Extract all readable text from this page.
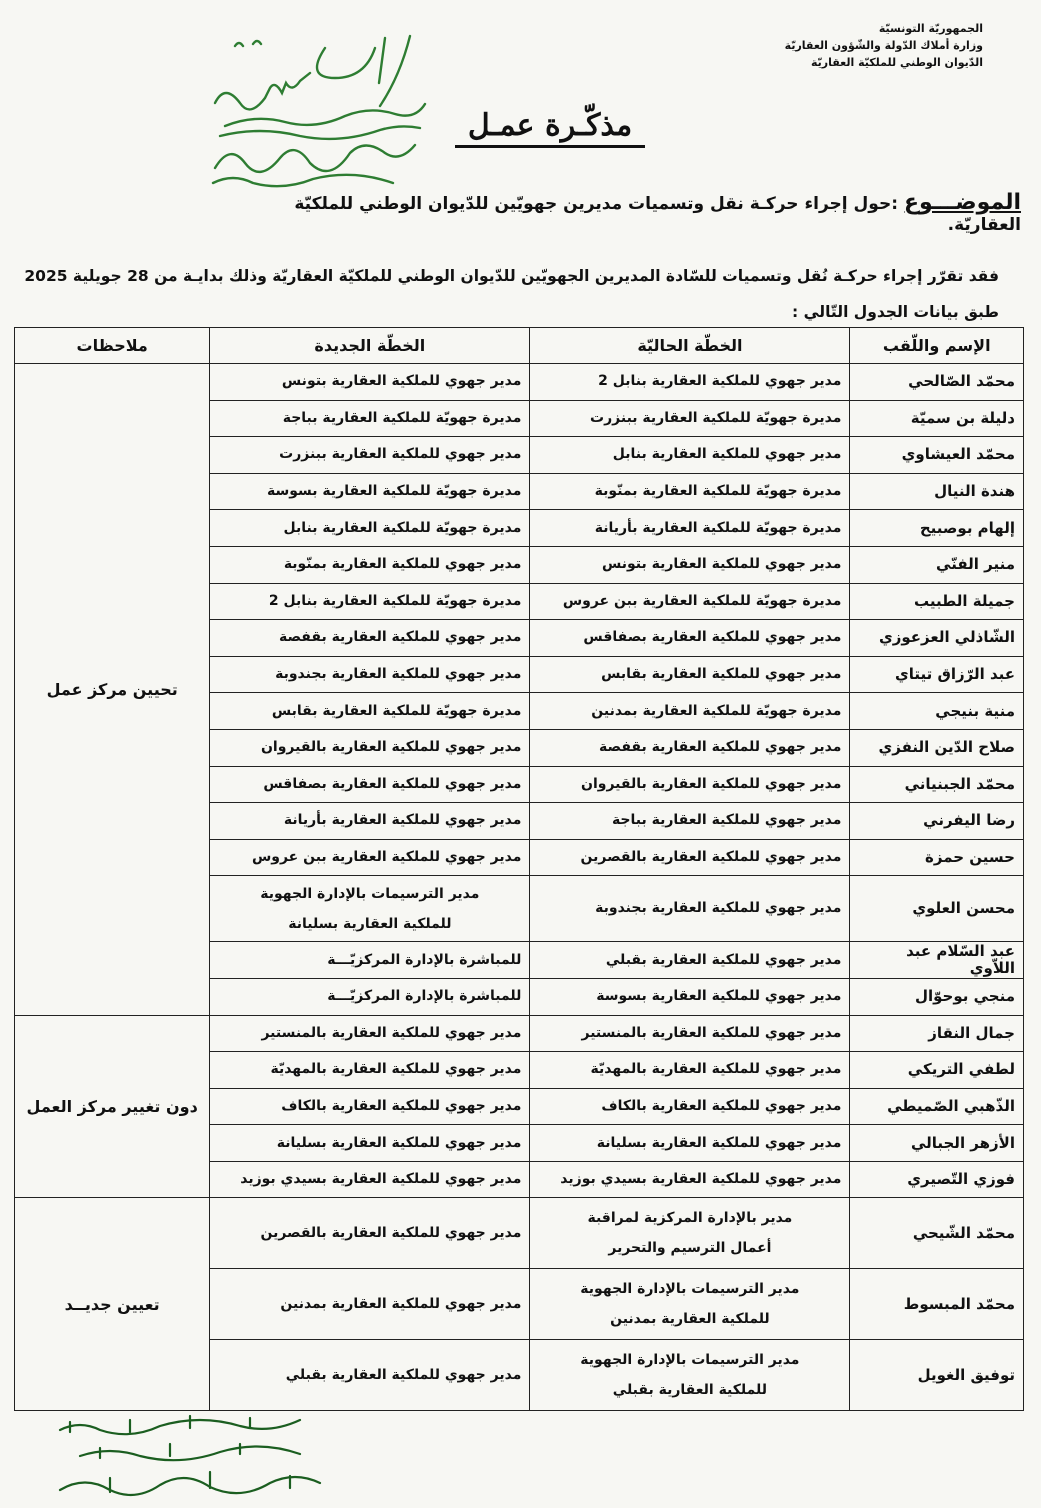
الجمهوريّة التونسيّة
وزارة أملاك الدّولة والشّؤون العقاريّة
الدّيوان الوطني للملكيّة العقاريّة
مذكّـرة عمـل
الموضـــوع:حول إجراء حركـة نقل وتسميات مديرين جهويّين للدّيوان الوطني للملكيّة العقاريّة.
فقد تقرّر إجراء حركـة نُقل وتسميات للسّادة المديرين الجهويّين للدّيوان الوطني للملكيّة العقاريّة وذلك بدايـة من 28 جويلية 2025 طبق بيانات الجدول التّالي :
الإسم واللّقب	الخطّة الحاليّة	الخطّة الجديدة	ملاحظات
محمّد الصّالحي	مدير جهوي للملكية العقارية بنابل 2	مدير جهوي للملكية العقارية بتونس	تحيين مركز عمل
دليلة بن سميّة	مديرة جهويّة للملكية العقارية ببنزرت	مديرة جهويّة للملكية العقارية بباجة	
محمّد العيشاوي	مدير جهوي للملكية العقارية بنابل	مدير جهوي للملكية العقارية ببنزرت	
هندة النيال	مديرة جهويّة للملكية العقارية بمنّوبة	مديرة جهويّة للملكية العقارية بسوسة	
إلهام بوصبيح	مديرة جهويّة للملكية العقارية بأريانة	مديرة جهويّة للملكية العقارية بنابل	
منير الفنّي	مدير جهوي للملكية العقارية بتونس	مدير جهوي للملكية العقارية بمنّوبة	
جميلة الطبيب	مديرة جهويّة للملكية العقارية ببن عروس	مديرة جهويّة للملكية العقارية بنابل 2	
الشّاذلي العزعوزي	مدير جهوي للملكية العقارية بصفاقس	مدير جهوي للملكية العقارية بقفصة	
عبد الرّزاق تيتاي	مدير جهوي للملكية العقارية بقابس	مدير جهوي للملكية العقارية بجندوبة	
منية بنيجي	مديرة جهويّة للملكية العقارية بمدنين	مديرة جهويّة للملكية العقارية بقابس	
صلاح الدّين النفزي	مدير جهوي للملكية العقارية بقفصة	مدير جهوي للملكية العقارية بالقيروان	
محمّد الجبنياني	مدير جهوي للملكية العقارية بالقيروان	مدير جهوي للملكية العقارية بصفاقس	
رضا اليفرني	مدير جهوي للملكية العقارية بباجة	مدير جهوي للملكية العقارية بأريانة	
حسين حمزة	مدير جهوي للملكية العقارية بالقصرين	مدير جهوي للملكية العقارية ببن عروس	
محسن العلوي	مدير جهوي للملكية العقارية بجندوبة	مدير الترسيمات بالإدارة الجهوية للملكية العقارية بسليانة	
عبد السّلام عبد اللاّوي	مدير جهوي للملكية العقارية بقبلي	للمباشرة بالإدارة المركزيّـــة	
منجي بوحوّال	مدير جهوي للملكية العقارية بسوسة	للمباشرة بالإدارة المركزيّـــة	
جمال النقاز	مدير جهوي للملكية العقارية بالمنستير	مدير جهوي للملكية العقارية بالمنستير	دون تغيير مركز العمل
لطفي التريكي	مدير جهوي للملكية العقارية بالمهديّة	مدير جهوي للملكية العقارية بالمهديّة	
الذّهبي الصّميطي	مدير جهوي للملكية العقارية بالكاف	مدير جهوي للملكية العقارية بالكاف	
الأزهر الجبالي	مدير جهوي للملكية العقارية بسليانة	مدير جهوي للملكية العقارية بسليانة	
فوزي التّصيري	مدير جهوي للملكية العقارية بسيدي بوزيد	مدير جهوي للملكية العقارية بسيدي بوزيد	
محمّد الشّيحي	مدير بالإدارة المركزية لمراقبة أعمال الترسيم والتحرير	مدير جهوي للملكية العقارية بالقصرين	تعيين جديــد
محمّد المبسوط	مدير الترسيمات بالإدارة الجهوية للملكية العقارية بمدنين	مدير جهوي للملكية العقارية بمدنين	
توفيق الغويل	مدير الترسيمات بالإدارة الجهوية للملكية العقارية بقبلي	مدير جهوي للملكية العقارية بقبلي	
